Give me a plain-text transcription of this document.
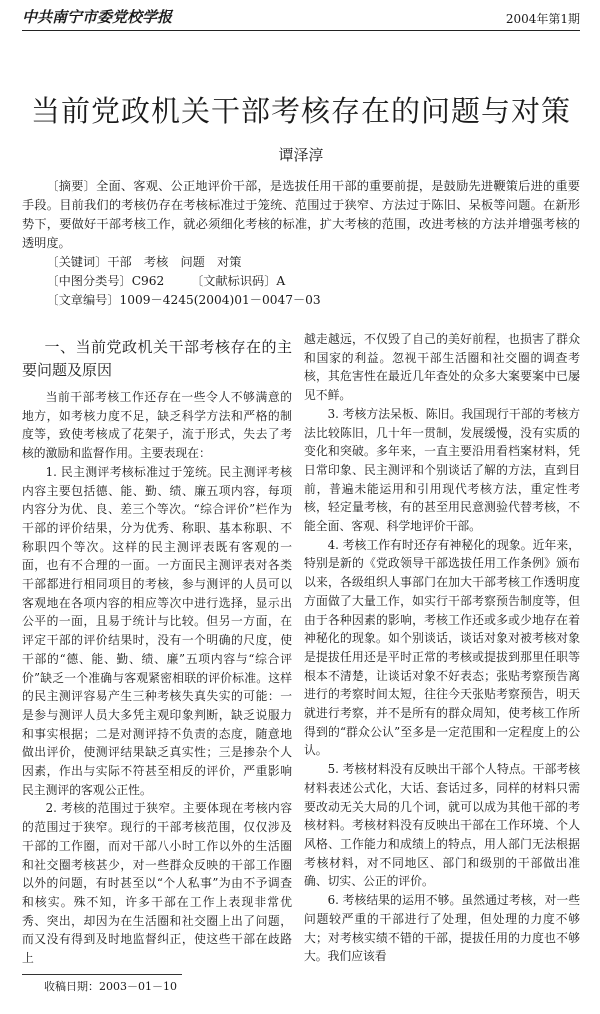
中共南宁市委党校学报	2004年第1期
当前党政机关干部考核存在的问题与对策
谭泽淳

〔摘要〕全面、客观、公正地评价干部，是选拔任用干部的重要前提，是鼓励先进鞭策后进的重要手段。目前我们的考核仍存在考核标准过于笼统、范围过于狭窄、方法过于陈旧、呆板等问题。在新形势下，要做好干部考核工作，就必须细化考核的标准，扩大考核的范围，改进考核的方法并增强考核的透明度。

〔关键词〕干部　考核　问题　对策

〔中图分类号〕C962 〔文献标识码〕A〔文章编号〕1009－4245(2004)01－0047－03
一、当前党政机关干部考核存在的主要问题及原因

当前干部考核工作还存在一些令人不够满意的地方，如考核力度不足，缺乏科学方法和严格的制度等，致使考核成了花架子，流于形式，失去了考核的激励和监督作用。主要表现在：

1. 民主测评考核标准过于笼统。民主测评考核内容主要包括德、能、勤、绩、廉五项内容，每项内容分为优、良、差三个等次。“综合评价”栏作为干部的评价结果，分为优秀、称职、基本称职、不称职四个等次。这样的民主测评表既有客观的一面，也有不合理的一面。一方面民主测评表对各类干部都进行相同项目的考核，参与测评的人员可以客观地在各项内容的相应等次中进行选择，显示出公平的一面，且易于统计与比较。但另一方面，在评定干部的评价结果时，没有一个明确的尺度，使干部的“德、能、勤、绩、廉”五项内容与“综合评价”缺乏一个准确与客观紧密相联的评价标准。这样的民主测评容易产生三种考核失真失实的可能：一是参与测评人员大多凭主观印象判断，缺乏说服力和事实根据；二是对测评持不负责的态度，随意地做出评价，使测评结果缺乏真实性；三是掺杂个人因素，作出与实际不符甚至相反的评价，严重影响民主测评的客观公正性。

2. 考核的范围过于狭窄。主要体现在考核内容的范围过于狭窄。现行的干部考核范围，仅仅涉及干部的工作圈，而对干部八小时工作以外的生活圈和社交圈考核甚少，对一些群众反映的干部工作圈以外的问题，有时甚至以“个人私事”为由不予调查和核实。殊不知，许多干部在工作上表现非常优秀、突出，却因为在生活圈和社交圈上出了问题，而又没有得到及时地监督纠正，使这些干部在歧路上

收稿日期：2003－01－10

越走越远，不仅毁了自己的美好前程，也损害了群众和国家的利益。忽视干部生活圈和社交圈的调查考核，其危害性在最近几年查处的众多大案要案中已屡见不鲜。

3. 考核方法呆板、陈旧。我国现行干部的考核方法比较陈旧，几十年一贯制，发展缓慢，没有实质的变化和突破。多年来，一直主要沿用看档案材料，凭日常印象、民主测评和个别谈话了解的方法，直到目前，普遍未能运用和引用现代考核方法，重定性考核，轻定量考核，有的甚至用民意测验代替考核，不能全面、客观、科学地评价干部。

4. 考核工作有时还存有神秘化的现象。近年来，特别是新的《党政领导干部选拔任用工作条例》颁布以来，各级组织人事部门在加大干部考核工作透明度方面做了大量工作，如实行干部考察预告制度等，但由于各种因素的影响，考核工作还或多或少地存在着神秘化的现象。如个别谈话，谈话对象对被考核对象是提拔任用还是平时正常的考核或提拔到那里任职等根本不清楚，让谈话对象不好表态；张贴考察预告离进行的考察时间太短，往往今天张贴考察预告，明天就进行考察，并不是所有的群众周知，使考核工作所得到的“群众公认”至多是一定范围和一定程度上的公认。

5. 考核材料没有反映出干部个人特点。干部考核材料表述公式化，大话、套话过多，同样的材料只需要改动无关大局的几个词，就可以成为其他干部的考核材料。考核材料没有反映出干部在工作环境、个人风格、工作能力和成绩上的特点，用人部门无法根据考核材料，对不同地区、部门和级别的干部做出准确、切实、公正的评价。

6. 考核结果的运用不够。虽然通过考核，对一些问题较严重的干部进行了处理，但处理的力度不够大；对考核实绩不错的干部，提拔任用的力度也不够大。我们应该看
